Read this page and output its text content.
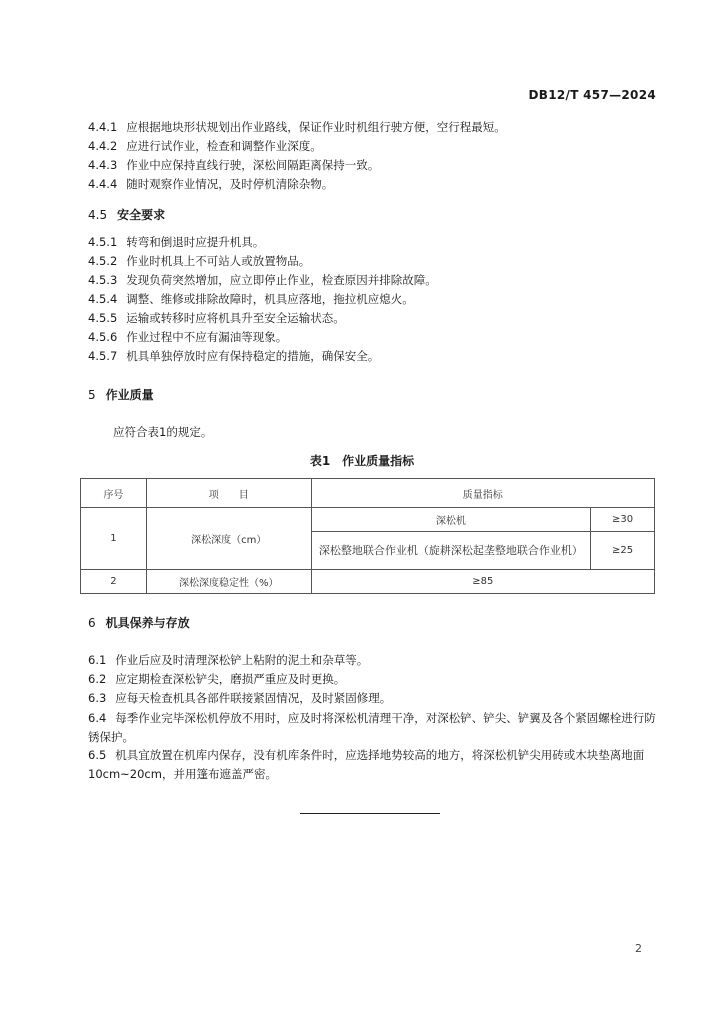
DB12/T 457—2024
4.4.1 应根据地块形状规划出作业路线，保证作业时机组行驶方便，空行程最短。
4.4.2 应进行试作业，检查和调整作业深度。
4.4.3 作业中应保持直线行驶，深松间隔距离保持一致。
4.4.4 随时观察作业情况，及时停机清除杂物。
4.5 安全要求
4.5.1 转弯和倒退时应提升机具。
4.5.2 作业时机具上不可站人或放置物品。
4.5.3 发现负荷突然增加，应立即停止作业，检查原因并排除故障。
4.5.4 调整、维修或排除故障时，机具应落地，拖拉机应熄火。
4.5.5 运输或转移时应将机具升至安全运输状态。
4.5.6 作业过程中不应有漏油等现象。
4.5.7 机具单独停放时应有保持稳定的措施，确保安全。
5 作业质量
应符合表1的规定。
表1　作业质量指标
序号	项　　目	质量指标	
1	深松深度（cm）	深松机	≥30
		深松整地联合作业机（旋耕深松起垄整地联合作业机）	≥25
2	深松深度稳定性（%）	≥85	
6 机具保养与存放
6.1 作业后应及时清理深松铲上粘附的泥土和杂草等。
6.2 应定期检查深松铲尖，磨损严重应及时更换。
6.3 应每天检查机具各部件联接紧固情况，及时紧固修理。
6.4 每季作业完毕深松机停放不用时，应及时将深松机清理干净，对深松铲、铲尖、铲翼及各个紧固螺栓进行防锈保护。
6.5 机具宜放置在机库内保存，没有机库条件时，应选择地势较高的地方，将深松机铲尖用砖或木块垫离地面10cm~20cm，并用篷布遮盖严密。
2
